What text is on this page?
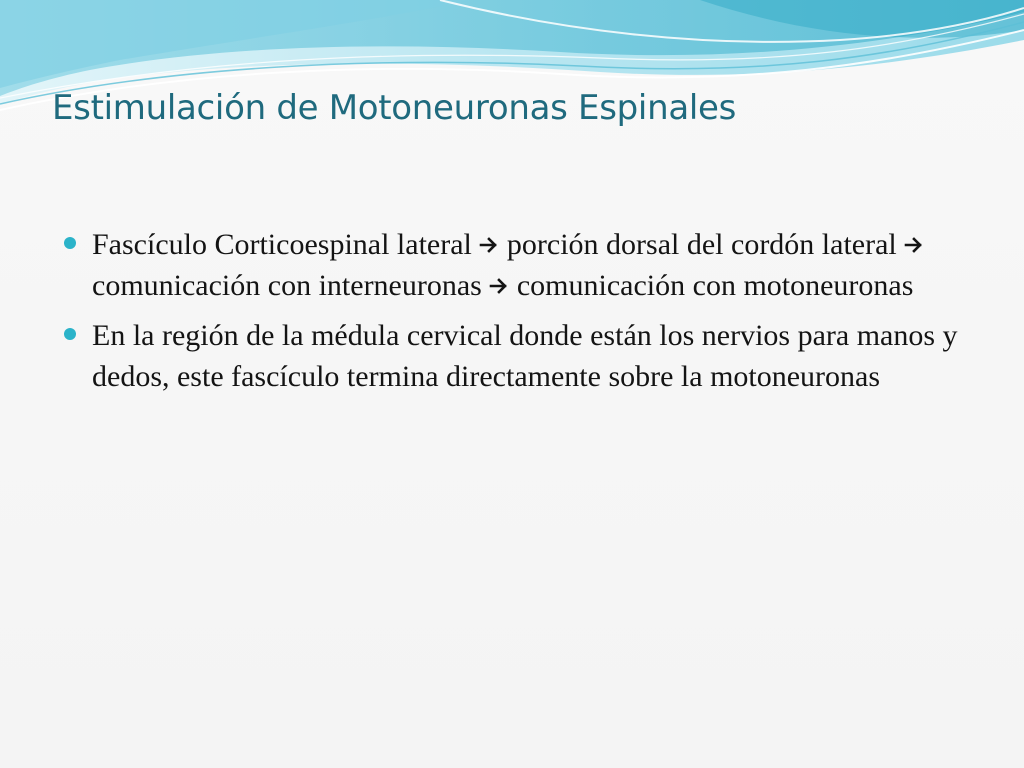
Estimulación de Motoneuronas Espinales
Fascículo Corticoespinal lateral  porción dorsal del cordón lateral  comunicación con interneuronas  comunicación con motoneuronas
En la región de la médula cervical donde están los nervios para manos y dedos, este fascículo termina directamente sobre la motoneuronas
